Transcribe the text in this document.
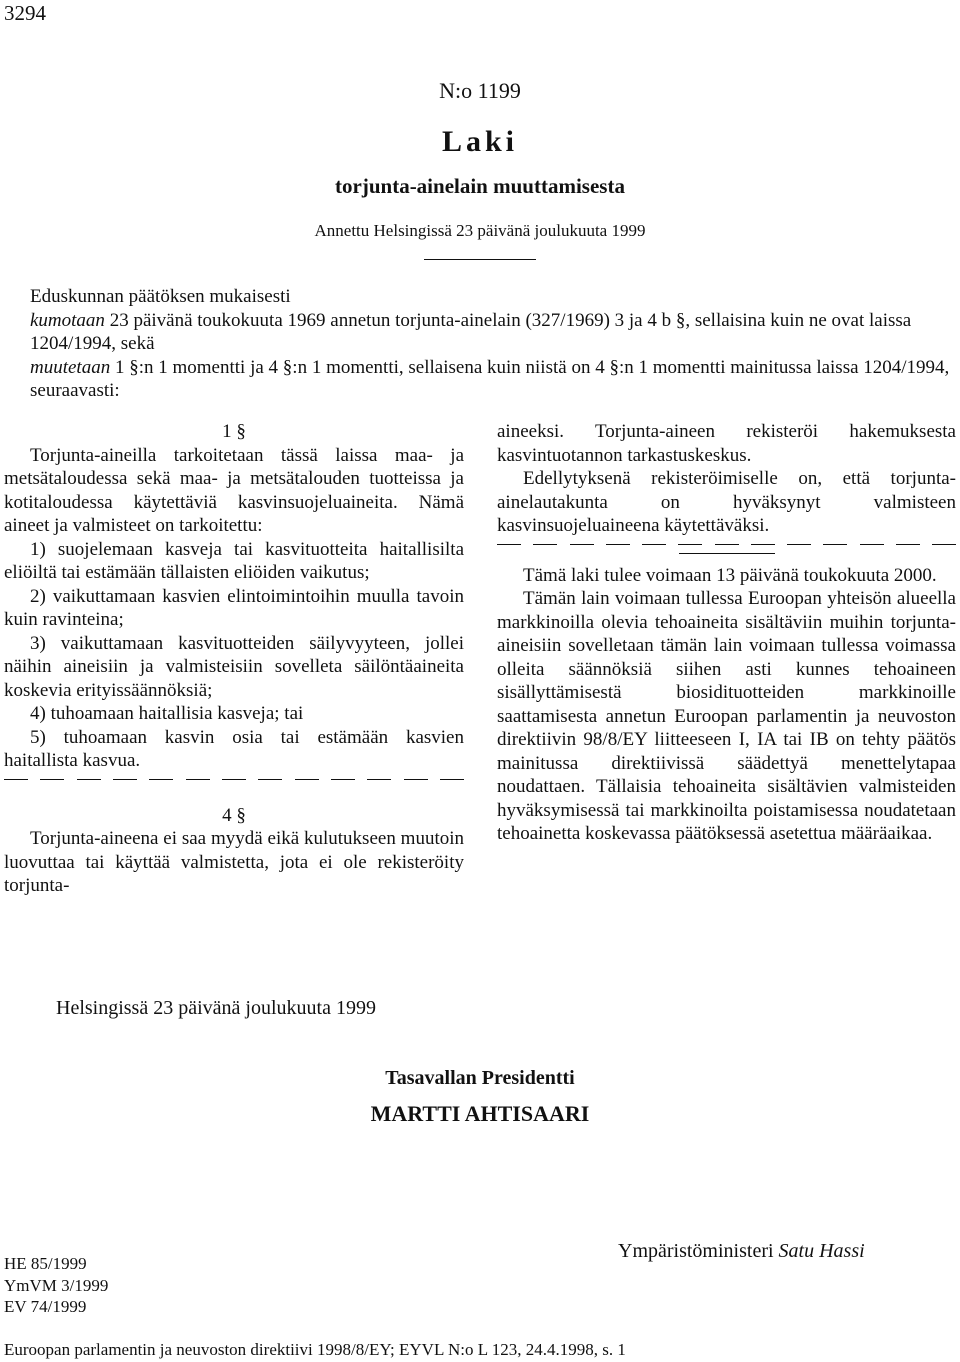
3294
N:o 1199
Laki
torjunta-ainelain muuttamisesta
Annettu Helsingissä 23 päivänä joulukuuta 1999

Eduskunnan päätöksen mukaisesti

kumotaan 23 päivänä toukokuuta 1969 annetun torjunta-ainelain (327/1969) 3 ja 4 b §, sellaisina kuin ne ovat laissa 1204/1994, sekä

muutetaan 1 §:n 1 momentti ja 4 §:n 1 momentti, sellaisena kuin niistä on 4 §:n 1 momentti mainitussa laissa 1204/1994, seuraavasti:

1 §

Torjunta-aineilla tarkoitetaan tässä laissa maa- ja metsätaloudessa sekä maa- ja metsätalouden tuotteissa ja kotitaloudessa käytettäviä kasvinsuojeluaineita. Nämä aineet ja valmisteet on tarkoitettu:

1) suojelemaan kasveja tai kasvituotteita haitallisilta eliöiltä tai estämään tällaisten eliöiden vaikutus;

2) vaikuttamaan kasvien elintoimintoihin muulla tavoin kuin ravinteina;

3) vaikuttamaan kasvituotteiden säilyvyyteen, jollei näihin aineisiin ja valmisteisiin sovelleta säilöntäaineita koskevia erityissäännöksiä;

4) tuhoamaan haitallisia kasveja; tai

5) tuhoamaan kasvin osia tai estämään kasvien haitallista kasvua.

4 §

Torjunta-aineena ei saa myydä eikä kulutukseen muutoin luovuttaa tai käyttää valmistetta, jota ei ole rekisteröity torjunta-

aineeksi. Torjunta-aineen rekisteröi hakemuksesta kasvintuotannon tarkastuskeskus.

Edellytyksenä rekisteröimiselle on, että torjunta-ainelautakunta on hyväksynyt valmisteen kasvinsuojeluaineena käytettäväksi.

Tämä laki tulee voimaan 13 päivänä toukokuuta 2000.

Tämän lain voimaan tullessa Euroopan yhteisön alueella markkinoilla olevia tehoaineita sisältäviin muihin torjunta-aineisiin sovelletaan tämän lain voimaan tullessa voimassa olleita säännöksiä siihen asti kunnes tehoaineen sisällyttämisestä biosidituotteiden markkinoille saattamisesta annetun Euroopan parlamentin ja neuvoston direktiivin 98/8/EY liitteeseen I, IA tai IB on tehty päätös mainitussa direktiivissä säädettyä menettelytapaa noudattaen. Tällaisia tehoaineita sisältävien valmisteiden hyväksymisessä tai markkinoilta poistamisessa noudatetaan tehoainetta koskevassa päätöksessä asetettua määräaikaa.

Helsingissä 23 päivänä joulukuuta 1999
Tasavallan Presidentti
MARTTI AHTISAARI
Ympäristöministeri Satu Hassi
HE 85/1999
YmVM 3/1999
EV 74/1999
Euroopan parlamentin ja neuvoston direktiivi 1998/8/EY; EYVL N:o L 123, 24.4.1998, s. 1
